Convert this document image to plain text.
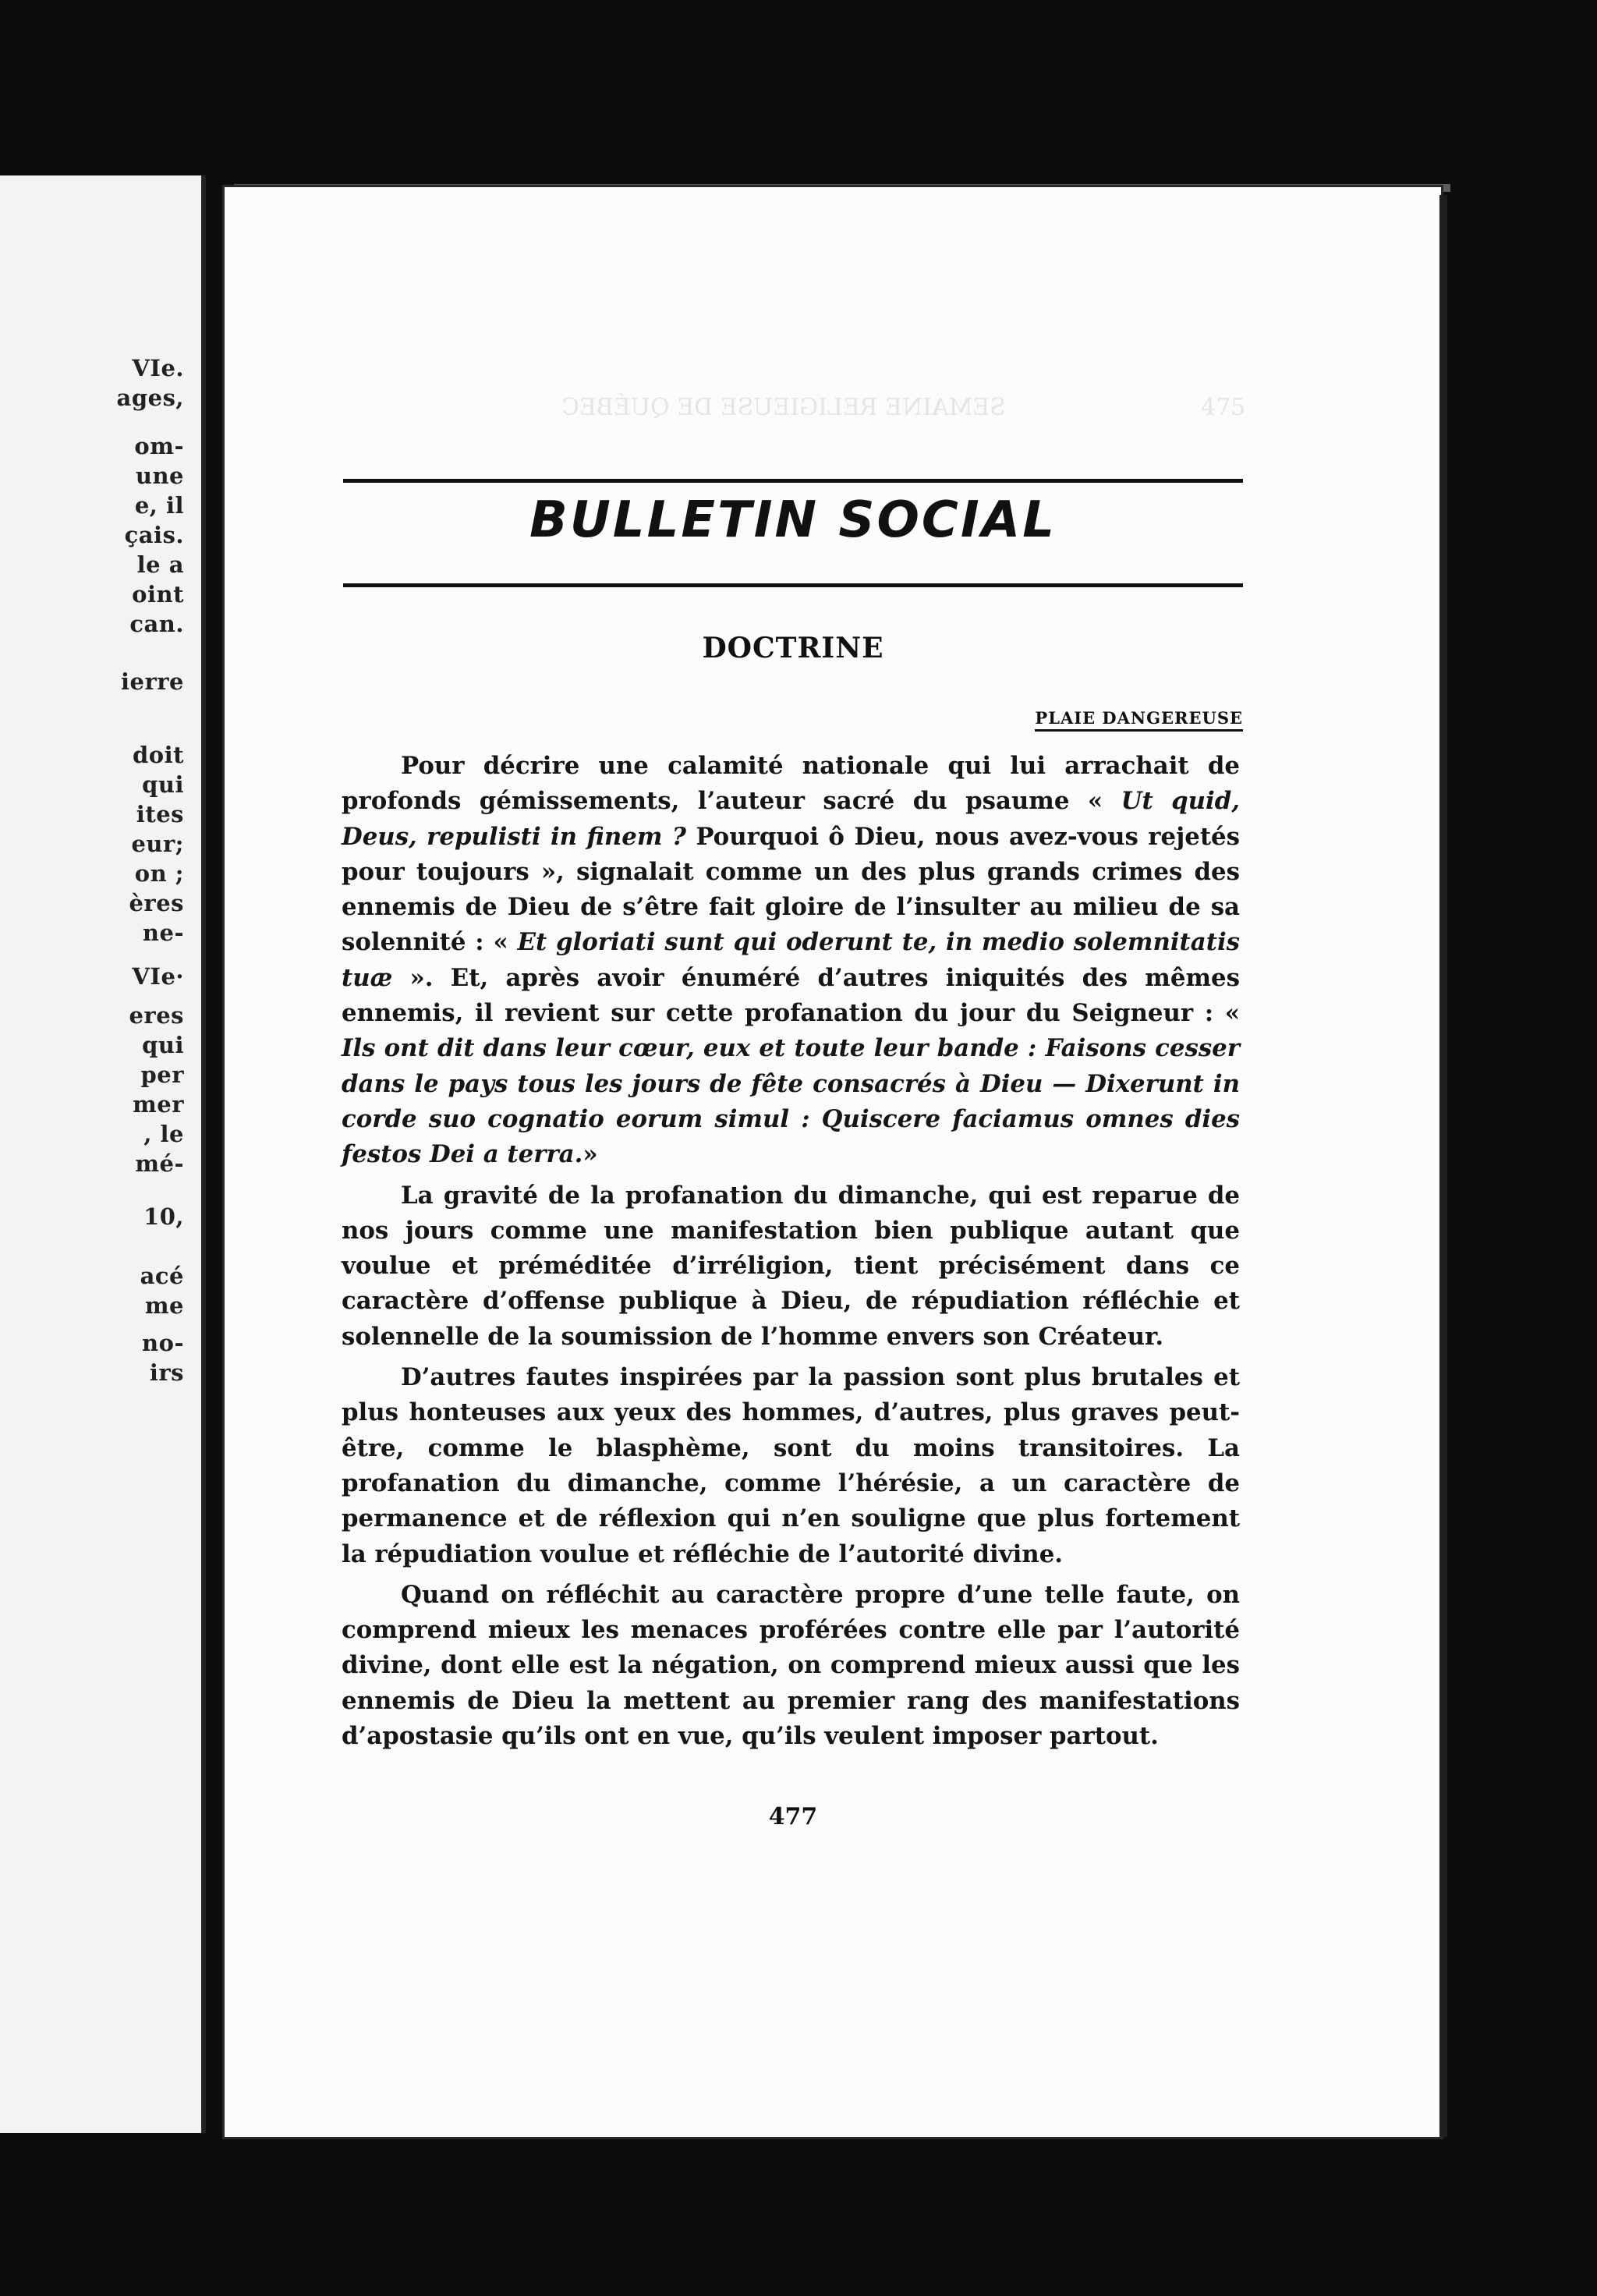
VIe.
ages,
om-
une
e, il
çais.
le a
oint
can.
ierre
doit
qui
ites
eur;
on ;
ères
ne-
VIe·
eres
qui
per
mer
, le
mé-
10,
acé
me
no-
irs
SEMAINE RELIGIEUSE DE QUÉBEC	475
BULLETIN SOCIAL
DOCTRINE
PLAIE DANGEREUSE

Pour décrire une calamité nationale qui lui arrachait de profonds gémissements, l’auteur sacré du psaume « Ut quid, Deus, repulisti in finem ? Pourquoi ô Dieu, nous avez-vous rejetés pour toujours », signalait comme un des plus grands crimes des ennemis de Dieu de s’être fait gloire de l’insulter au milieu de sa solennité : « Et gloriati sunt qui oderunt te, in medio solemnitatis tuæ ». Et, après avoir énuméré d’autres iniquités des mêmes ennemis, il revient sur cette profanation du jour du Seigneur : « Ils ont dit dans leur cœur, eux et toute leur bande : Faisons cesser dans le pays tous les jours de fête consacrés à Dieu — Dixerunt in corde suo cognatio eorum simul : Quiscere faciamus omnes dies festos Dei a terra.»

La gravité de la profanation du dimanche, qui est reparue de nos jours comme une manifestation bien publique autant que voulue et préméditée d’irréligion, tient précisément dans ce caractère d’offense publique à Dieu, de répudiation réfléchie et solennelle de la soumission de l’homme envers son Créateur.

D’autres fautes inspirées par la passion sont plus brutales et plus honteuses aux yeux des hommes, d’autres, plus graves peut-être, comme le blasphème, sont du moins transitoires. La profanation du dimanche, comme l’hérésie, a un caractère de permanence et de réflexion qui n’en souligne que plus fortement la répudiation voulue et réfléchie de l’autorité divine.

Quand on réfléchit au caractère propre d’une telle faute, on comprend mieux les menaces proférées contre elle par l’autorité divine, dont elle est la négation, on comprend mieux aussi que les ennemis de Dieu la mettent au premier rang des manifestations d’apostasie qu’ils ont en vue, qu’ils veulent imposer partout.

477
